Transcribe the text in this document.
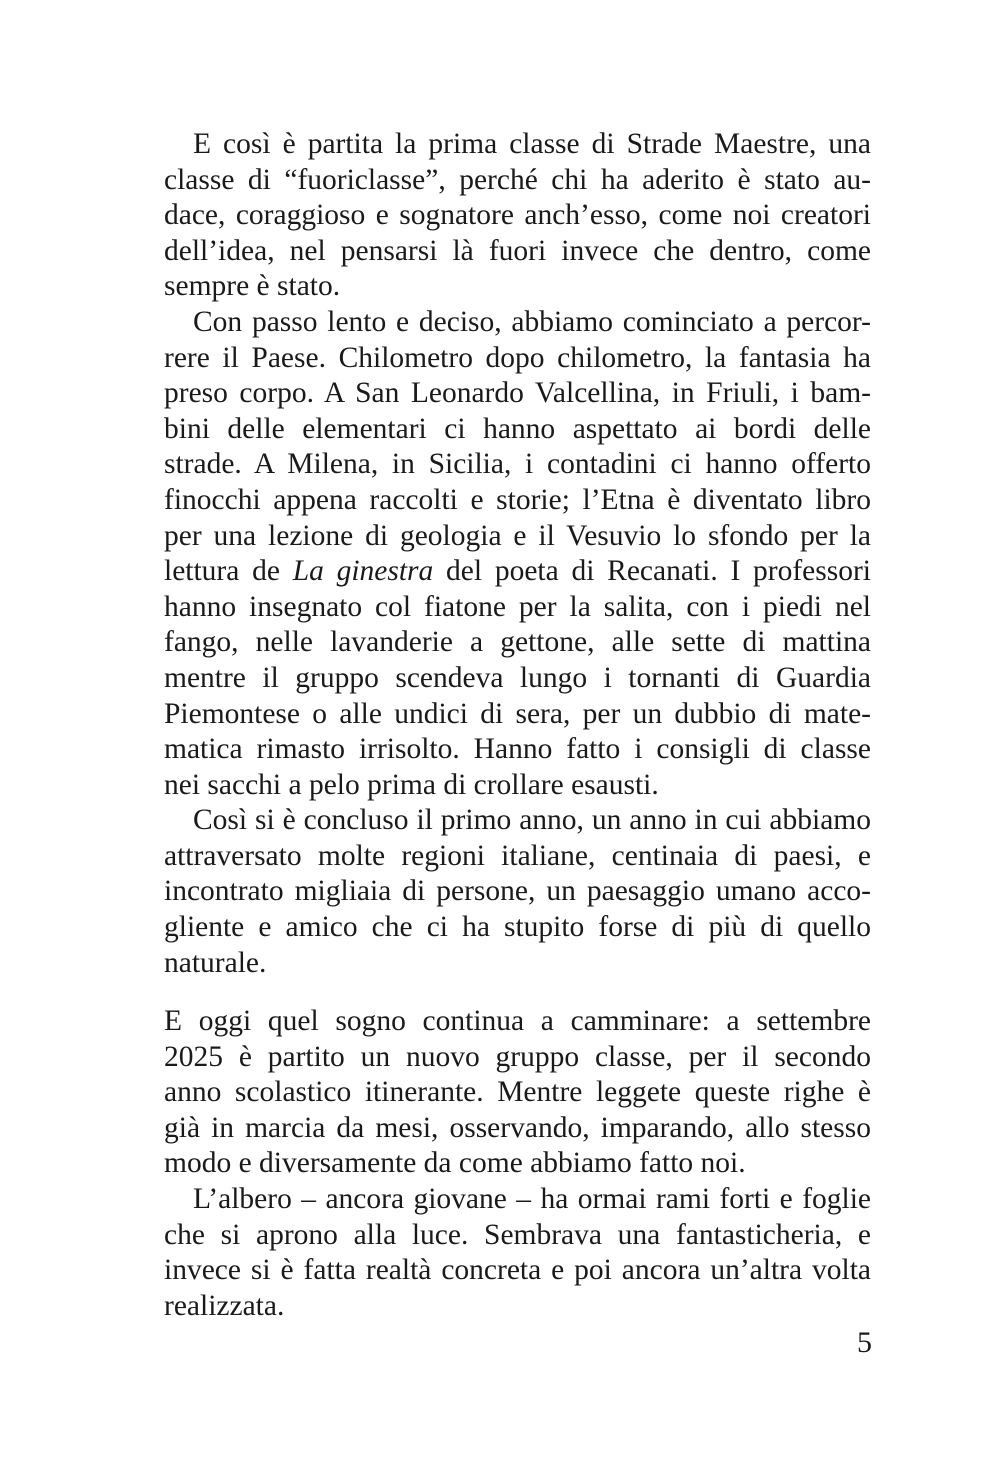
E così è partita la prima classe di Strade Maestre, una
classe di “fuoriclasse”, perché chi ha aderito è stato au-
dace, coraggioso e sognatore anch’esso, come noi creatori
dell’idea, nel pensarsi là fuori invece che dentro, come
sempre è stato.
Con passo lento e deciso, abbiamo cominciato a percor-
rere il Paese. Chilometro dopo chilometro, la fantasia ha
preso corpo. A San Leonardo Valcellina, in Friuli, i bam-
bini delle elementari ci hanno aspettato ai bordi delle
strade. A Milena, in Sicilia, i contadini ci hanno offerto
finocchi appena raccolti e storie; l’Etna è diventato libro
per una lezione di geologia e il Vesuvio lo sfondo per la
lettura de La ginestra del poeta di Recanati. I professori
hanno insegnato col fiatone per la salita, con i piedi nel
fango, nelle lavanderie a gettone, alle sette di mattina
mentre il gruppo scendeva lungo i tornanti di Guardia
Piemontese o alle undici di sera, per un dubbio di mate-
matica rimasto irrisolto. Hanno fatto i consigli di classe
nei sacchi a pelo prima di crollare esausti.
Così si è concluso il primo anno, un anno in cui abbiamo
attraversato molte regioni italiane, centinaia di paesi, e
incontrato migliaia di persone, un paesaggio umano acco-
gliente e amico che ci ha stupito forse di più di quello
naturale.
E oggi quel sogno continua a camminare: a settembre
2025 è partito un nuovo gruppo classe, per il secondo
anno scolastico itinerante. Mentre leggete queste righe è
già in marcia da mesi, osservando, imparando, allo stesso
modo e diversamente da come abbiamo fatto noi.
L’albero – ancora giovane – ha ormai rami forti e foglie
che si aprono alla luce. Sembrava una fantasticheria, e
invece si è fatta realtà concreta e poi ancora un’altra volta
realizzata.
5
